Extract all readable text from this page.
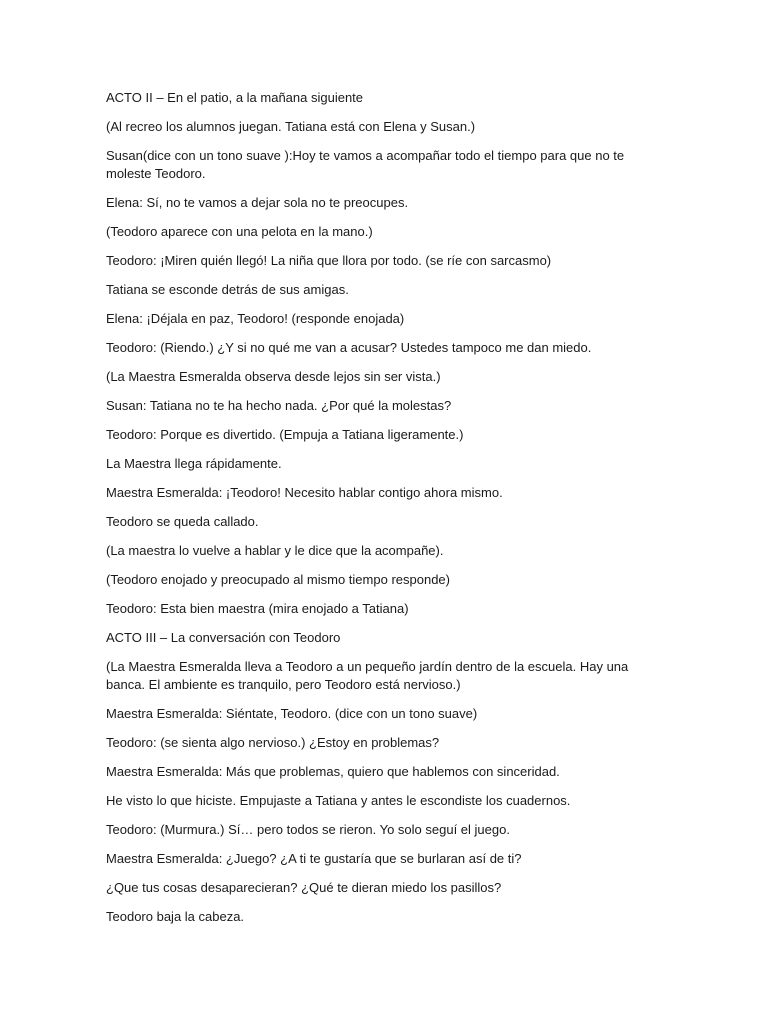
ACTO II – En el patio, a la mañana siguiente

(Al recreo los alumnos juegan. Tatiana está con Elena y Susan.)

Susan(dice con un tono suave ):Hoy te vamos a acompañar todo el tiempo para que no te moleste Teodoro.

Elena: Sí, no te vamos a dejar sola no te preocupes.

(Teodoro aparece con una pelota en la mano.)

Teodoro: ¡Miren quién llegó! La niña que llora por todo. (se ríe con sarcasmo)

Tatiana se esconde detrás de sus amigas.

Elena: ¡Déjala en paz, Teodoro! (responde enojada)

Teodoro: (Riendo.) ¿Y si no qué me van a acusar? Ustedes tampoco me dan miedo.

(La Maestra Esmeralda observa desde lejos sin ser vista.)

Susan: Tatiana no te ha hecho nada. ¿Por qué la molestas?

Teodoro: Porque es divertido. (Empuja a Tatiana ligeramente.)

La Maestra llega rápidamente.

Maestra Esmeralda: ¡Teodoro! Necesito hablar contigo ahora mismo.

Teodoro se queda callado.

(La maestra lo vuelve a hablar y le dice que la acompañe).

(Teodoro enojado y preocupado al mismo tiempo responde)

Teodoro: Esta bien maestra (mira enojado a Tatiana)

ACTO III – La conversación con Teodoro

(La Maestra Esmeralda lleva a Teodoro a un pequeño jardín dentro de la escuela. Hay una banca. El ambiente es tranquilo, pero Teodoro está nervioso.)

Maestra Esmeralda: Siéntate, Teodoro. (dice con un tono suave)

Teodoro: (se sienta algo nervioso.) ¿Estoy en problemas?

Maestra Esmeralda: Más que problemas, quiero que hablemos con sinceridad.

He visto lo que hiciste. Empujaste a Tatiana y antes le escondiste los cuadernos.

Teodoro: (Murmura.) Sí… pero todos se rieron. Yo solo seguí el juego.

Maestra Esmeralda: ¿Juego? ¿A ti te gustaría que se burlaran así de ti?

¿Que tus cosas desaparecieran? ¿Qué te dieran miedo los pasillos?

Teodoro baja la cabeza.
